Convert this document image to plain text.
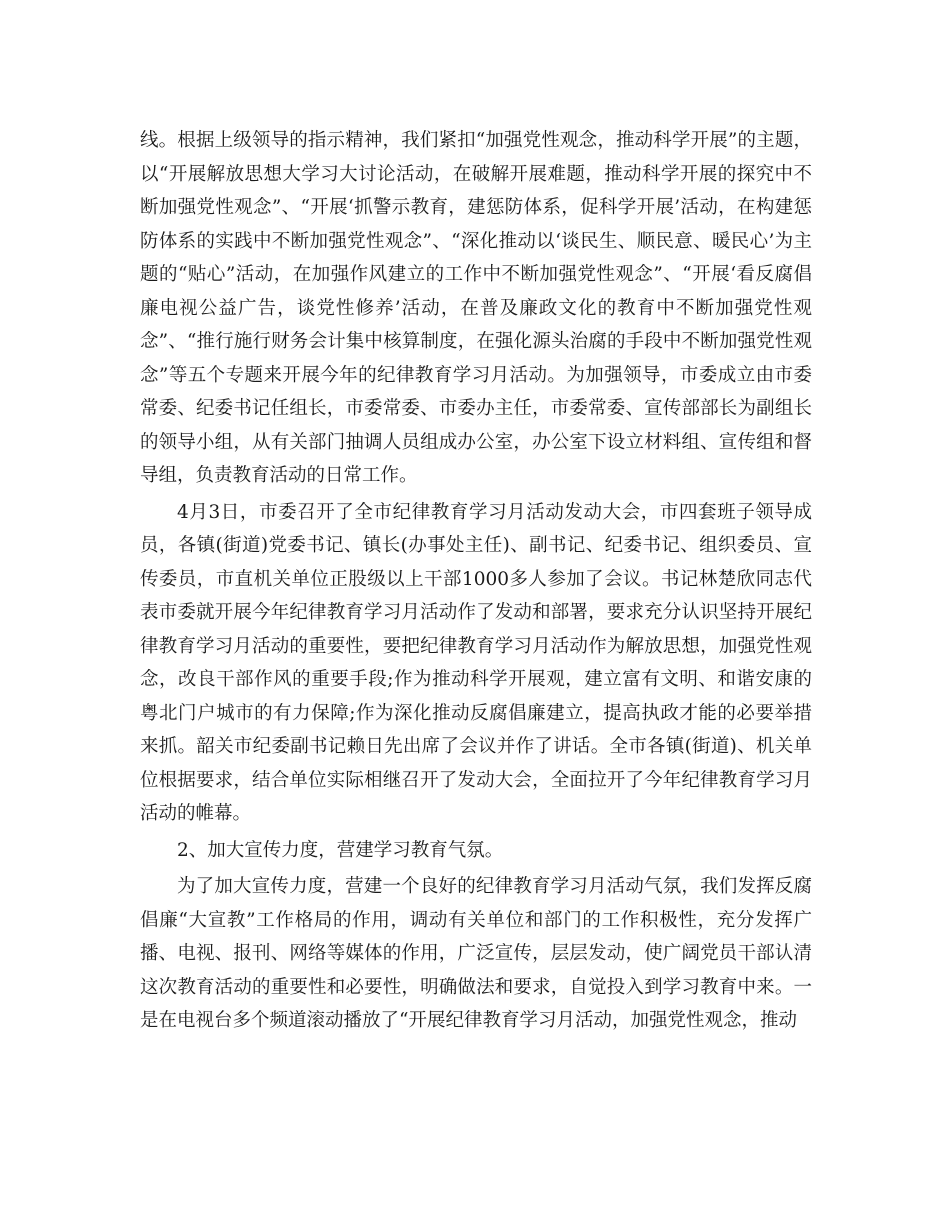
线。根据上级领导的指示精神，我们紧扣“加强党性观念，推动科学开展”的主题，以“开展解放思想大学习大讨论活动，在破解开展难题，推动科学开展的探究中不断加强党性观念”、“开展‘抓警示教育，建惩防体系，促科学开展’活动，在构建惩防体系的实践中不断加强党性观念”、“深化推动以‘谈民生、顺民意、暖民心’为主题的“贴心”活动，在加强作风建立的工作中不断加强党性观念”、“开展‘看反腐倡廉电视公益广告，谈党性修养’活动，在普及廉政文化的教育中不断加强党性观念”、“推行施行财务会计集中核算制度，在强化源头治腐的手段中不断加强党性观念”等五个专题来开展今年的纪律教育学习月活动。为加强领导，市委成立由市委常委、纪委书记任组长，市委常委、市委办主任，市委常委、宣传部部长为副组长的领导小组，从有关部门抽调人员组成办公室，办公室下设立材料组、宣传组和督导组，负责教育活动的日常工作。

4月3日，市委召开了全市纪律教育学习月活动发动大会，市四套班子领导成员，各镇(街道)党委书记、镇长(办事处主任)、副书记、纪委书记、组织委员、宣传委员，市直机关单位正股级以上干部1000多人参加了会议。书记林楚欣同志代表市委就开展今年纪律教育学习月活动作了发动和部署，要求充分认识坚持开展纪律教育学习月活动的重要性，要把纪律教育学习月活动作为解放思想，加强党性观念，改良干部作风的重要手段;作为推动科学开展观，建立富有文明、和谐安康的粤北门户城市的有力保障;作为深化推动反腐倡廉建立，提高执政才能的必要举措来抓。韶关市纪委副书记赖日先出席了会议并作了讲话。全市各镇(街道)、机关单位根据要求，结合单位实际相继召开了发动大会，全面拉开了今年纪律教育学习月活动的帷幕。

2、加大宣传力度，营建学习教育气氛。

为了加大宣传力度，营建一个良好的纪律教育学习月活动气氛，我们发挥反腐倡廉“大宣教”工作格局的作用，调动有关单位和部门的工作积极性，充分发挥广播、电视、报刊、网络等媒体的作用，广泛宣传，层层发动，使广阔党员干部认清这次教育活动的重要性和必要性，明确做法和要求，自觉投入到学习教育中来。一是在电视台多个频道滚动播放了“开展纪律教育学习月活动，加强党性观念，推动
